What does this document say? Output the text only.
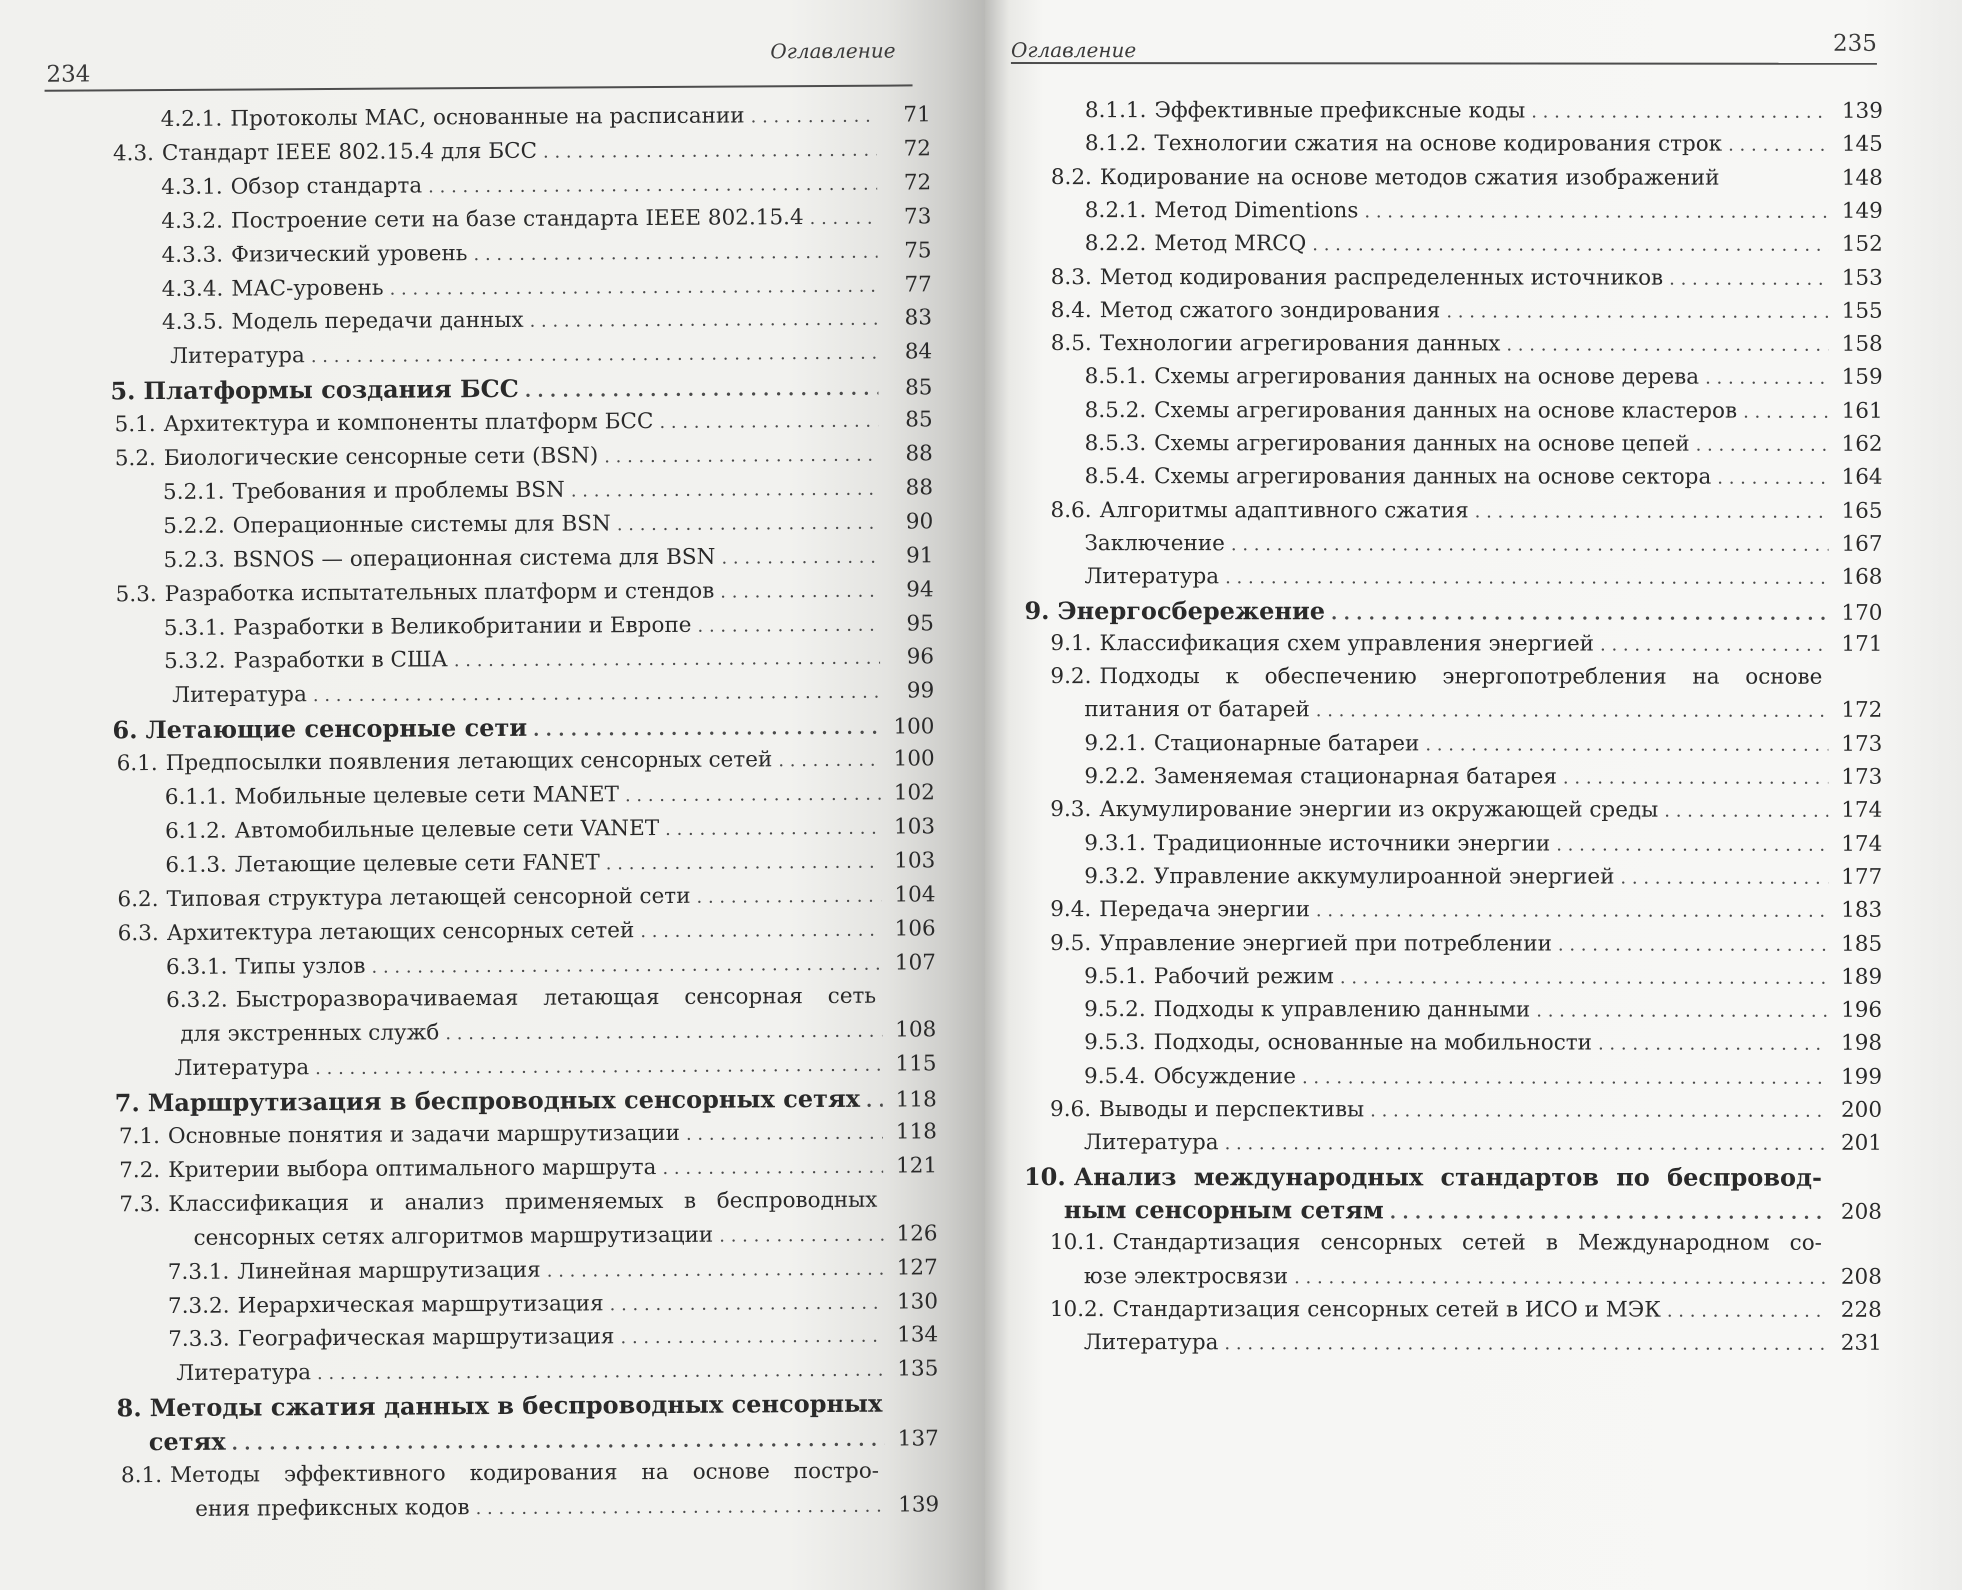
234
Оглавление
4.2.1. Протоколы МАС, основанные на расписании . . .	71
4.3. Стандарт IEEE 802.15.4 для БСС . . .	72
4.3.1. Обзор стандарта . . .	72
4.3.2. Построение сети на базе стандарта IEEE 802.15.4 . . .	73
4.3.3. Физический уровень . . .	75
4.3.4. МАС-уровень . . .	77
4.3.5. Модель передачи данных . . .	83
Литература . . .	84
5. Платформы создания БСС . . .	85
5.1. Архитектура и компоненты платформ БСС . . .	85
5.2. Биологические сенсорные сети (BSN) . . .	88
5.2.1. Требования и проблемы BSN . . .	88
5.2.2. Операционные системы для BSN . . .	90
5.2.3. BSNOS — операционная система для BSN . . .	91
5.3. Разработка испытательных платформ и стендов . . .	94
5.3.1. Разработки в Великобритании и Европе . . .	95
5.3.2. Разработки в США . . .	96
Литература . . .	99
6. Летающие сенсорные сети . . .	100
6.1. Предпосылки появления летающих сенсорных сетей . . .	100
6.1.1. Мобильные целевые сети MANET . . .	102
6.1.2. Автомобильные целевые сети VANET . . .	103
6.1.3. Летающие целевые сети FANET . . .	103
6.2. Типовая структура летающей сенсорной сети . . .	104
6.3. Архитектура летающих сенсорных сетей . . .	106
6.3.1. Типы узлов . . .	107
6.3.2. Быстроразворачиваемая летающая сенсорная сеть
для экстренных служб . . .	108
Литература . . .	115
7. Маршрутизация в беспроводных сенсорных сетях . . . 118
7.1. Основные понятия и задачи маршрутизации . . .	118
7.2. Критерии выбора оптимального маршрута . . .	121
7.3. Классификация и анализ применяемых в беспроводных
сенсорных сетях алгоритмов маршрутизации . . .	126
7.3.1. Линейная маршрутизация . . .	127
7.3.2. Иерархическая маршрутизация . . .	130
7.3.3. Географическая маршрутизация . . .	134
Литература . . .	135
8. Методы сжатия данных в беспроводных сенсорных
сетях . . .	137
8.1. Методы эффективного кодирования на основе постро-
ения префиксных кодов . . .	139
Оглавление	235
8.1.1. Эффективные префиксные коды . . .	139
8.1.2. Технологии сжатия на основе кодирования строк . . .	145
8.2. Кодирование на основе методов сжатия изображений	148
8.2.1. Метод Dimentions . . .	149
8.2.2. Метод MRCQ . . .	152
8.3. Метод кодирования распределенных источников . . .	153
8.4. Метод сжатого зондирования . . .	155
8.5. Технологии агрегирования данных . . .	158
8.5.1. Схемы агрегирования данных на основе дерева . . .	159
8.5.2. Схемы агрегирования данных на основе кластеров . . .	161
8.5.3. Схемы агрегирования данных на основе цепей . . .	162
8.5.4. Схемы агрегирования данных на основе сектора . . .	164
8.6. Алгоритмы адаптивного сжатия . . .	165
Заключение . . .	167
Литература . . .	168
9. Энергосбережение . . .	170
9.1. Классификация схем управления энергией . . .	171
9.2. Подходы к обеспечению энергопотребления на основе
питания от батарей . . .	172
9.2.1. Стационарные батареи . . .	173
9.2.2. Заменяемая стационарная батарея . . .	173
9.3. Акумулирование энергии из окружающей среды . . .	174
9.3.1. Традиционные источники энергии . . .	174
9.3.2. Управление аккумулироанной энергией . . .	177
9.4. Передача энергии . . .	183
9.5. Управление энергией при потреблении . . .	185
9.5.1. Рабочий режим . . .	189
9.5.2. Подходы к управлению данными . . .	196
9.5.3. Подходы, основанные на мобильности . . .	198
9.5.4. Обсуждение . . .	199
9.6. Выводы и перспективы . . .	200
Литература . . .	201
10. Анализ международных стандартов по беспровод-
ным сенсорным сетям . . .	208
10.1. Стандартизация сенсорных сетей в Международном со-
юзе электросвязи . . .	208
10.2. Стандартизация сенсорных сетей в ИСО и МЭК . . .	228
Литература . . .	231
